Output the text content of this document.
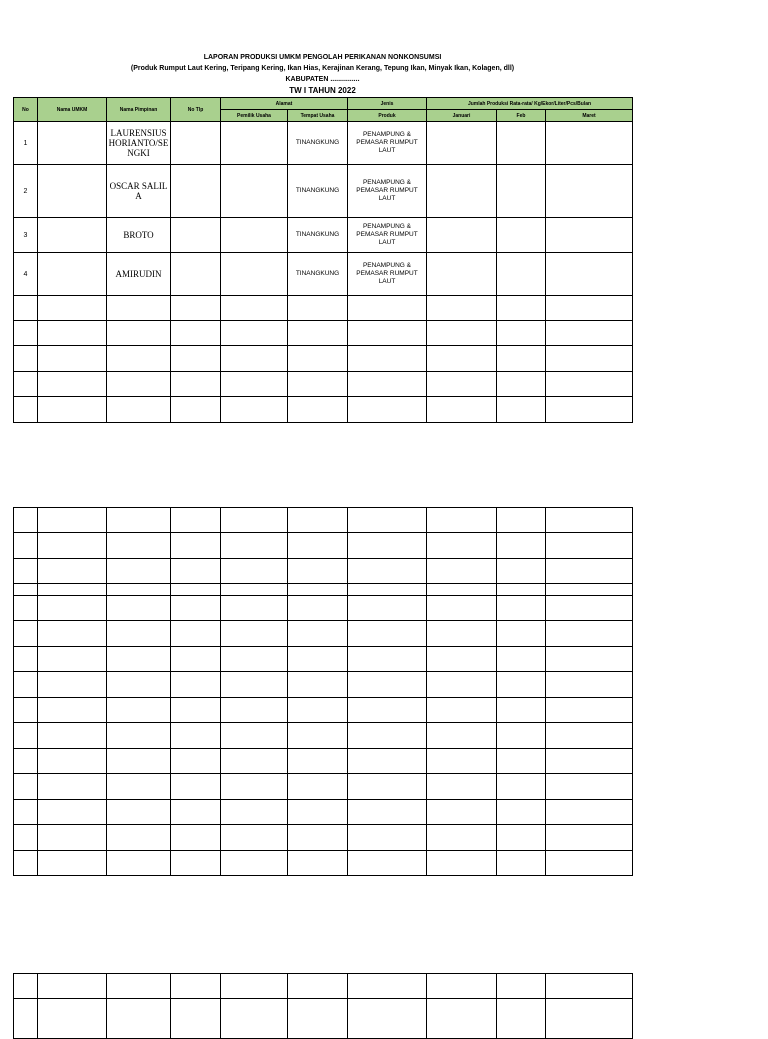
LAPORAN PRODUKSI UMKM PENGOLAH PERIKANAN NONKONSUMSI
(Produk Rumput Laut Kering, Teripang Kering, Ikan Hias, Kerajinan Kerang, Tepung Ikan, Minyak Ikan, Kolagen, dll)
KABUPATEN ...............
TW I TAHUN 2022
No	Nama UMKM	Nama Pimpinan	No Tlp	Alamat		Jenis	Jumlah Produksi Rata-rata/ Kg/Ekor/Liter/Pcs/Bulan		
				Pemilik Usaha	Tempat Usaha	Produk	Januari	Feb	Maret
1		LAURENSIUS HORIANTO/SENGKI			TINANGKUNG	PENAMPUNG & PEMASAR RUMPUT LAUT			
2		OSCAR SALILA			TINANGKUNG	PENAMPUNG & PEMASAR RUMPUT LAUT			
3		BROTO			TINANGKUNG	PENAMPUNG & PEMASAR RUMPUT LAUT			
4		AMIRUDIN			TINANGKUNG	PENAMPUNG & PEMASAR RUMPUT LAUT			
